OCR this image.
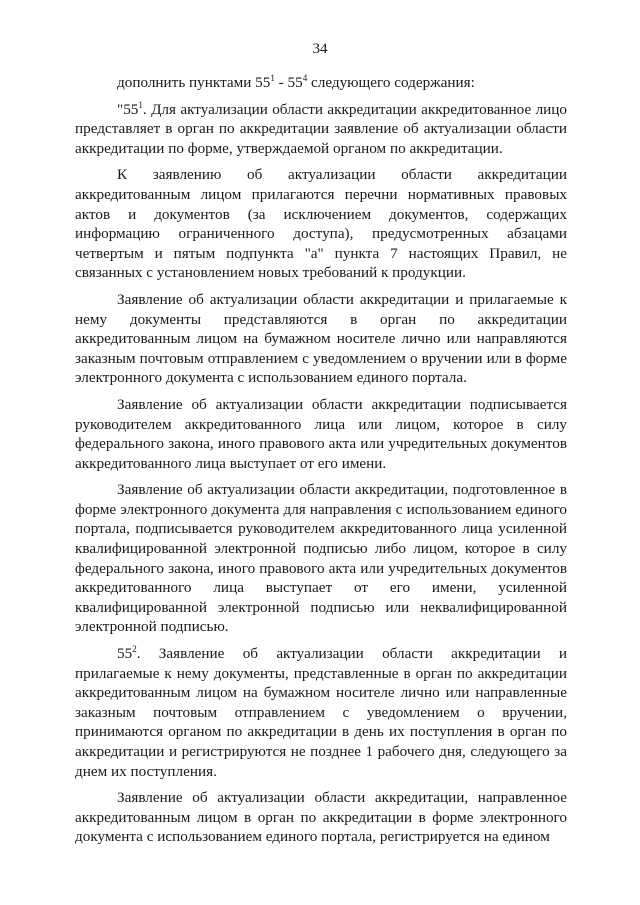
34

дополнить пунктами $55^1 - 55^4$ следующего содержания:

"$55^1$. Для актуализации области аккредитации аккредитованное лицо представляет в орган по аккредитации заявление об актуализации области аккредитации по форме, утверждаемой органом по аккредитации.

К заявлению об актуализации области аккредитации аккредитованным лицом прилагаются перечни нормативных правовых актов и документов (за исключением документов, содержащих информацию ограниченного доступа), предусмотренных абзацами четвертым и пятым подпункта "а" пункта 7 настоящих Правил, не связанных с установлением новых требований к продукции.

Заявление об актуализации области аккредитации и прилагаемые к нему документы представляются в орган по аккредитации аккредитованным лицом на бумажном носителе лично или направляются заказным почтовым отправлением с уведомлением о вручении или в форме электронного документа с использованием единого портала.

Заявление об актуализации области аккредитации подписывается руководителем аккредитованного лица или лицом, которое в силу федерального закона, иного правового акта или учредительных документов аккредитованного лица выступает от его имени.

Заявление об актуализации области аккредитации, подготовленное в форме электронного документа для направления с использованием единого портала, подписывается руководителем аккредитованного лица усиленной квалифицированной электронной подписью либо лицом, которое в силу федерального закона, иного правового акта или учредительных документов аккредитованного лица выступает от его имени, усиленной квалифицированной электронной подписью или неквалифицированной электронной подписью.

$55^2$. Заявление об актуализации области аккредитации и прилагаемые к нему документы, представленные в орган по аккредитации аккредитованным лицом на бумажном носителе лично или направленные заказным почтовым отправлением с уведомлением о вручении, принимаются органом по аккредитации в день их поступления в орган по аккредитации и регистрируются не позднее 1 рабочего дня, следующего за днем их поступления.

Заявление об актуализации области аккредитации, направленное аккредитованным лицом в орган по аккредитации в форме электронного документа с использованием единого портала, регистрируется на едином
